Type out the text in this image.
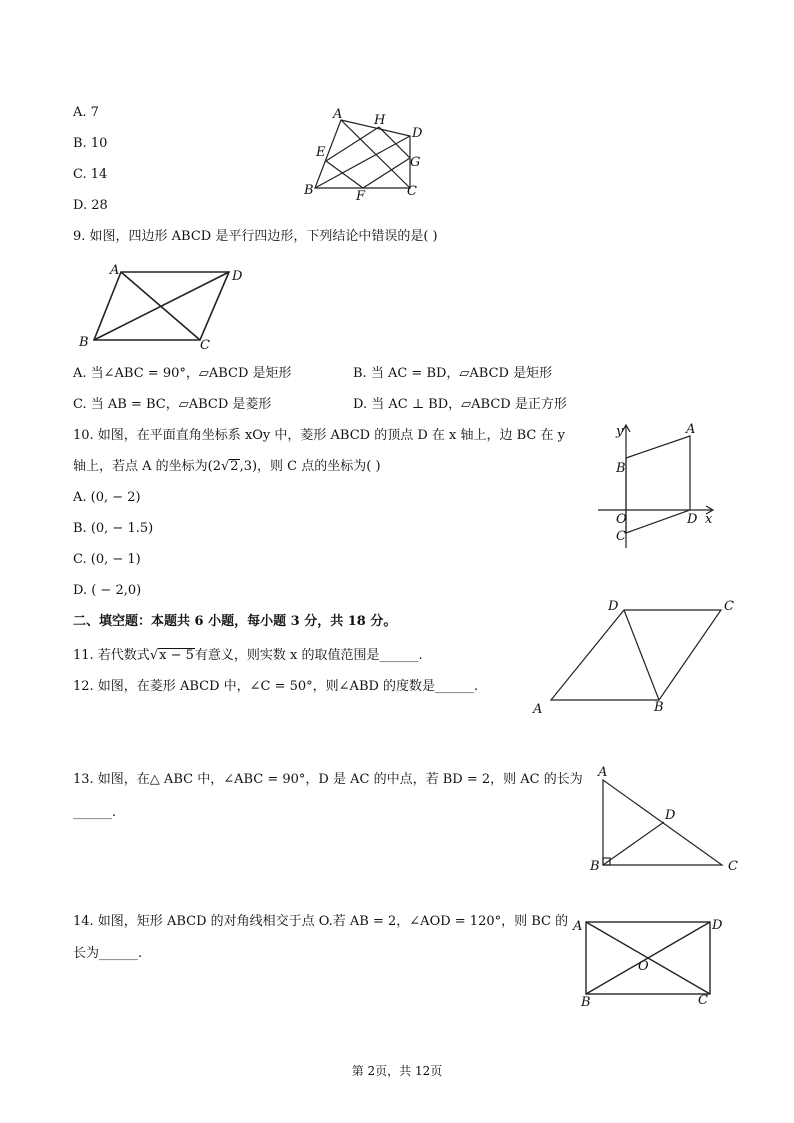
A. 7
B. 10
C. 14
D. 28
A H
D
E
G
B	F	C
9. 如图，四边形 ABCD 是平行四边形，下列结论中错误的是( )
A	D
B	C
A. 当∠ABC = 90°，▱ABCD 是矩形	B. 当 AC = BD，▱ABCD 是矩形
C. 当 AB = BC，▱ABCD 是菱形	D. 当 AC ⊥ BD，▱ABCD 是正方形
10. 如图，在平面直角坐标系 xOy 中，菱形 ABCD 的顶点 D 在 x 轴上，边 BC 在 y
轴上，若点 A 的坐标为(2√2,3)，则 C 点的坐标为( )
A. (0, − 2)
B. (0, − 1.5)
C. (0, − 1)
D. ( − 2,0)
y	A
B
O	D x
C
二、填空题：本题共 6 小题，每小题 3 分，共 18 分。
11. 若代数式√x − 5有意义，则实数 x 的取值范围是______.
12. 如图，在菱形 ABCD 中，∠C = 50°，则∠ABD 的度数是______.
D	C
A	B
13. 如图，在△ ABC 中，∠ABC = 90°，D 是 AC 的中点，若 BD = 2，则 AC 的长为
______.
A
D
B	C
14. 如图，矩形 ABCD 的对角线相交于点 O.若 AB = 2，∠AOD = 120°，则 BC 的
长为______.
A	D
O
B	C
第 2页，共 12页
